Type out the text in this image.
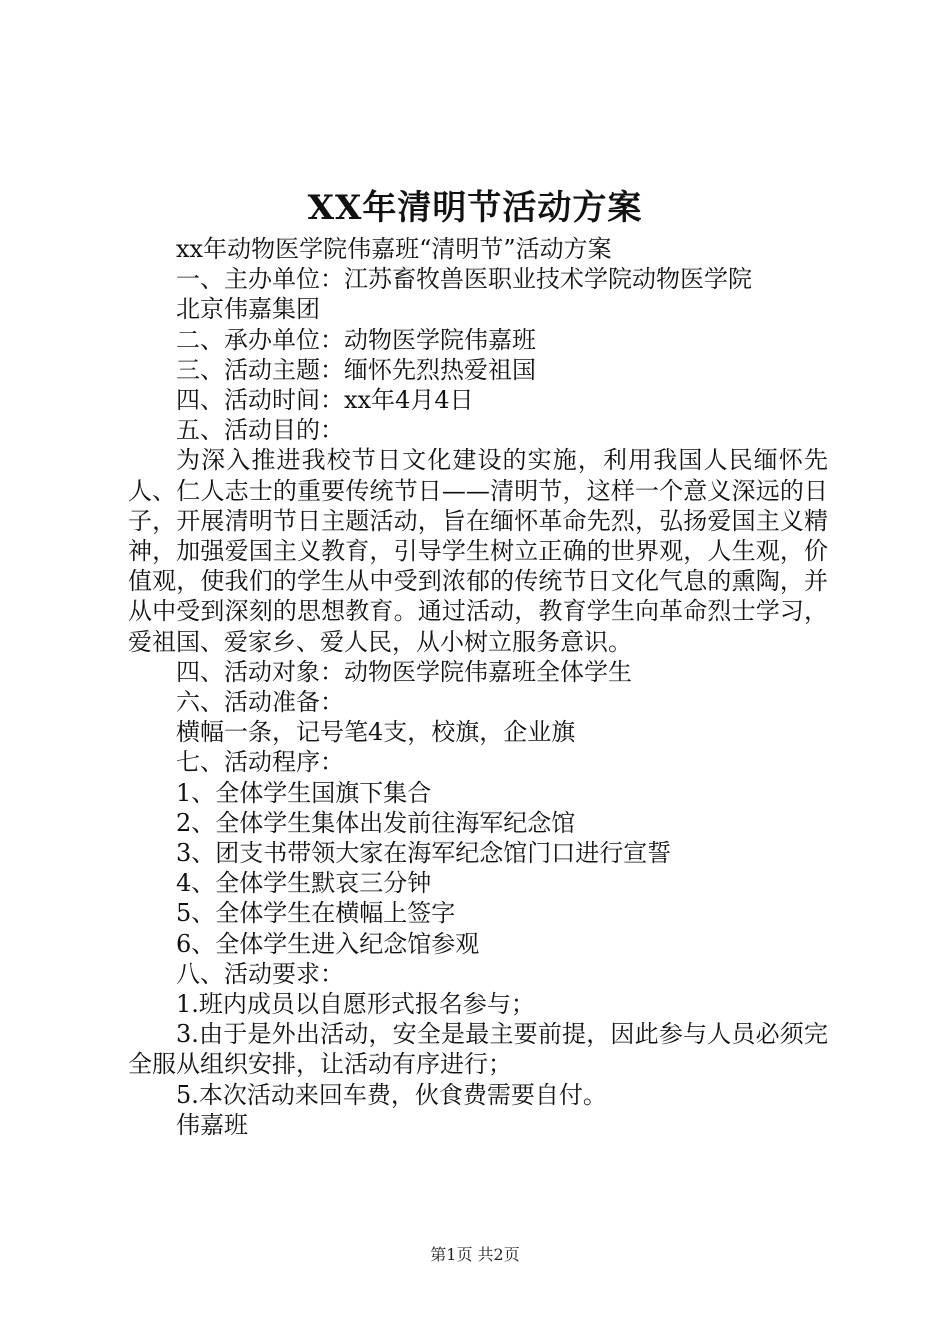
XX年清明节活动方案

xx年动物医学院伟嘉班“清明节”活动方案

一、主办单位：江苏畜牧兽医职业技术学院动物医学院

北京伟嘉集团

二、承办单位：动物医学院伟嘉班

三、活动主题：缅怀先烈热爱祖国

四、活动时间：xx年4月4日

五、活动目的：

为深入推进我校节日文化建设的实施，利用我国人民缅怀先人、仁人志士的重要传统节日——清明节，这样一个意义深远的日子，开展清明节日主题活动，旨在缅怀革命先烈，弘扬爱国主义精神，加强爱国主义教育，引导学生树立正确的世界观，人生观，价值观，使我们的学生从中受到浓郁的传统节日文化气息的熏陶，并从中受到深刻的思想教育。通过活动，教育学生向革命烈士学习，爱祖国、爱家乡、爱人民，从小树立服务意识。

四、活动对象：动物医学院伟嘉班全体学生

六、活动准备：

横幅一条，记号笔4支，校旗，企业旗

七、活动程序：

1、全体学生国旗下集合

2、全体学生集体出发前往海军纪念馆

3、团支书带领大家在海军纪念馆门口进行宣誓

4、全体学生默哀三分钟

5、全体学生在横幅上签字

6、全体学生进入纪念馆参观

八、活动要求：

1.班内成员以自愿形式报名参与；

3.由于是外出活动，安全是最主要前提，因此参与人员必须完全服从组织安排，让活动有序进行；

5.本次活动来回车费，伙食费需要自付。

伟嘉班

第1页 共2页
